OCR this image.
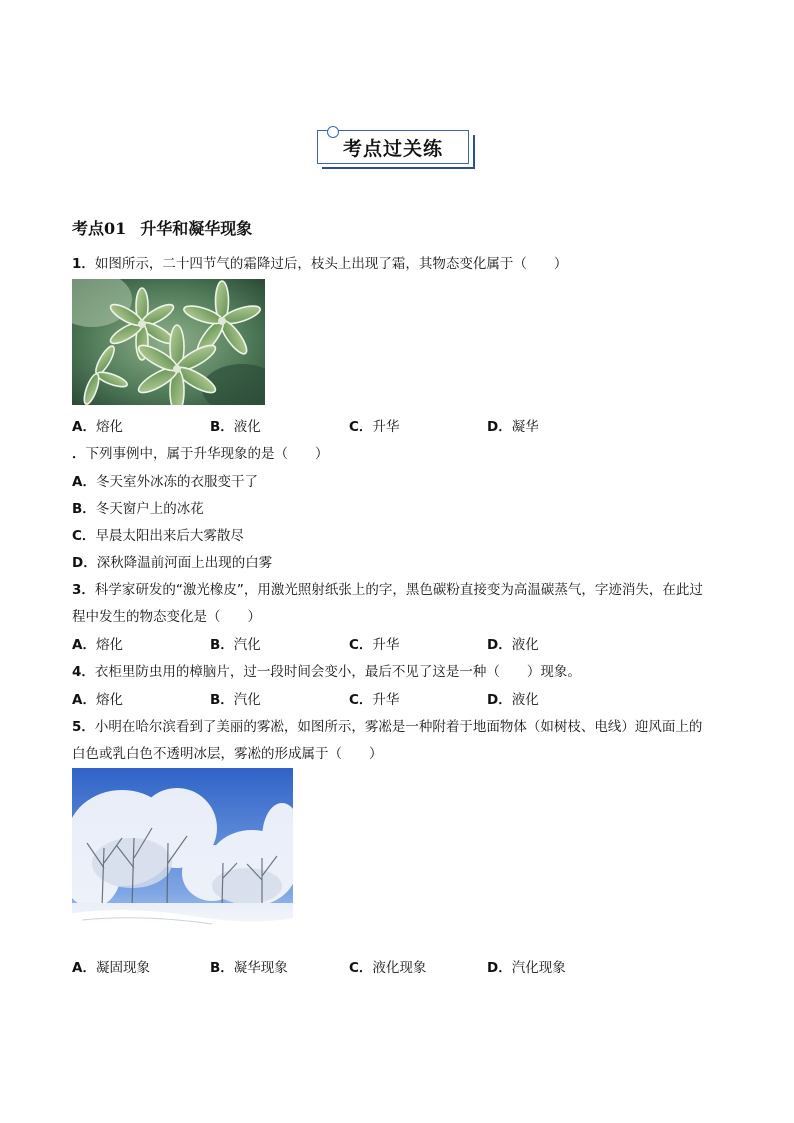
考点过关练
考点01 升华和凝华现象
1．如图所示，二十四节气的霜降过后，枝头上出现了霜，其物态变化属于（　　）
A．熔化	B．液化	C．升华	D．凝华
．下列事例中，属于升华现象的是（　　）
A．冬天室外冰冻的衣服变干了
B．冬天窗户上的冰花
C．早晨太阳出来后大雾散尽
D．深秋降温前河面上出现的白雾
3．科学家研发的“激光橡皮”，用激光照射纸张上的字，黑色碳粉直接变为高温碳蒸气，字迹消失，在此过
程中发生的物态变化是（　　）
A．熔化	B．汽化	C．升华	D．液化
4．衣柜里防虫用的樟脑片，过一段时间会变小，最后不见了这是一种（　　）现象。
A．熔化	B．汽化	C．升华	D．液化
5．小明在哈尔滨看到了美丽的雾凇，如图所示，雾凇是一种附着于地面物体（如树枝、电线）迎风面上的
白色或乳白色不透明冰层，雾凇的形成属于（　　）
A．凝固现象	B．凝华现象	C．液化现象	D．汽化现象
